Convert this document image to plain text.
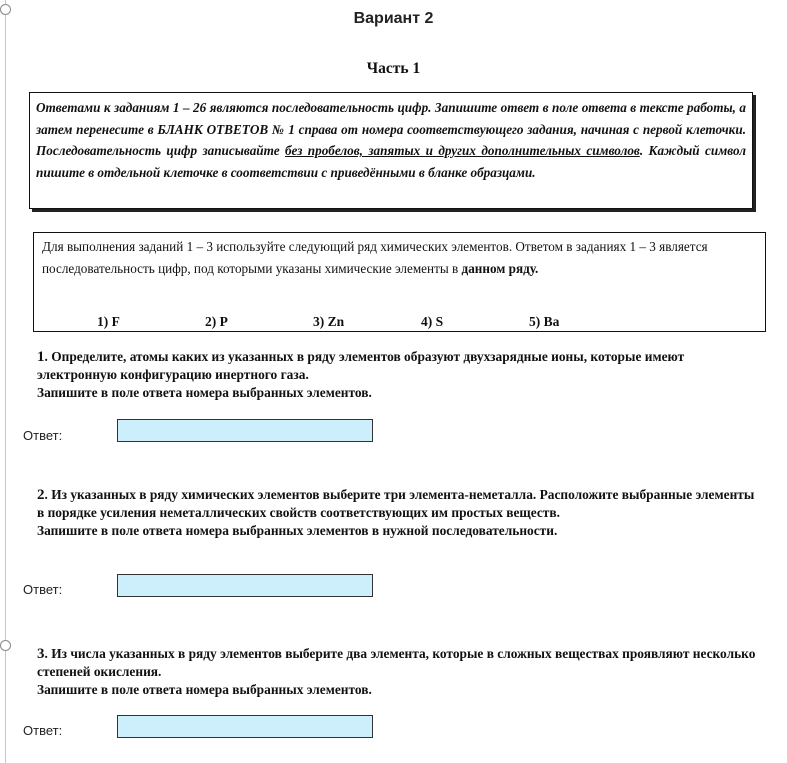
Вариант 2
Часть 1
Ответами к заданиям 1 – 26 являются последовательность цифр. Запишите ответ в поле ответа в тексте работы, а затем перенесите в БЛАНК ОТВЕТОВ № 1 справа от номера соответствующего задания, начиная с первой клеточки. Последовательность цифр записывайте без пробелов, запятых и других дополнительных символов. Каждый символ пишите в отдельной клеточке в соответствии с приведёнными в бланке образцами.
Для выполнения заданий 1 – 3 используйте следующий ряд химических элементов. Ответом в заданиях 1 – 3 является последовательность цифр, под которыми указаны химические элементы в данном ряду.
1) F	2) P	3) Zn	4) S	5) Ba
1. Определите, атомы каких из указанных в ряду элементов образуют двухзарядные ионы, которые имеют электронную конфигурацию инертного газа.
Запишите в поле ответа номера выбранных элементов.
Ответ:
2. Из указанных в ряду химических элементов выберите три элемента-неметалла. Расположите выбранные элементы в порядке усиления неметаллических свойств соответствующих им простых веществ.
Запишите в поле ответа номера выбранных элементов в нужной последовательности.
Ответ:
3. Из числа указанных в ряду элементов выберите два элемента, которые в сложных веществах проявляют несколько степеней окисления.
Запишите в поле ответа номера выбранных элементов.
Ответ:
